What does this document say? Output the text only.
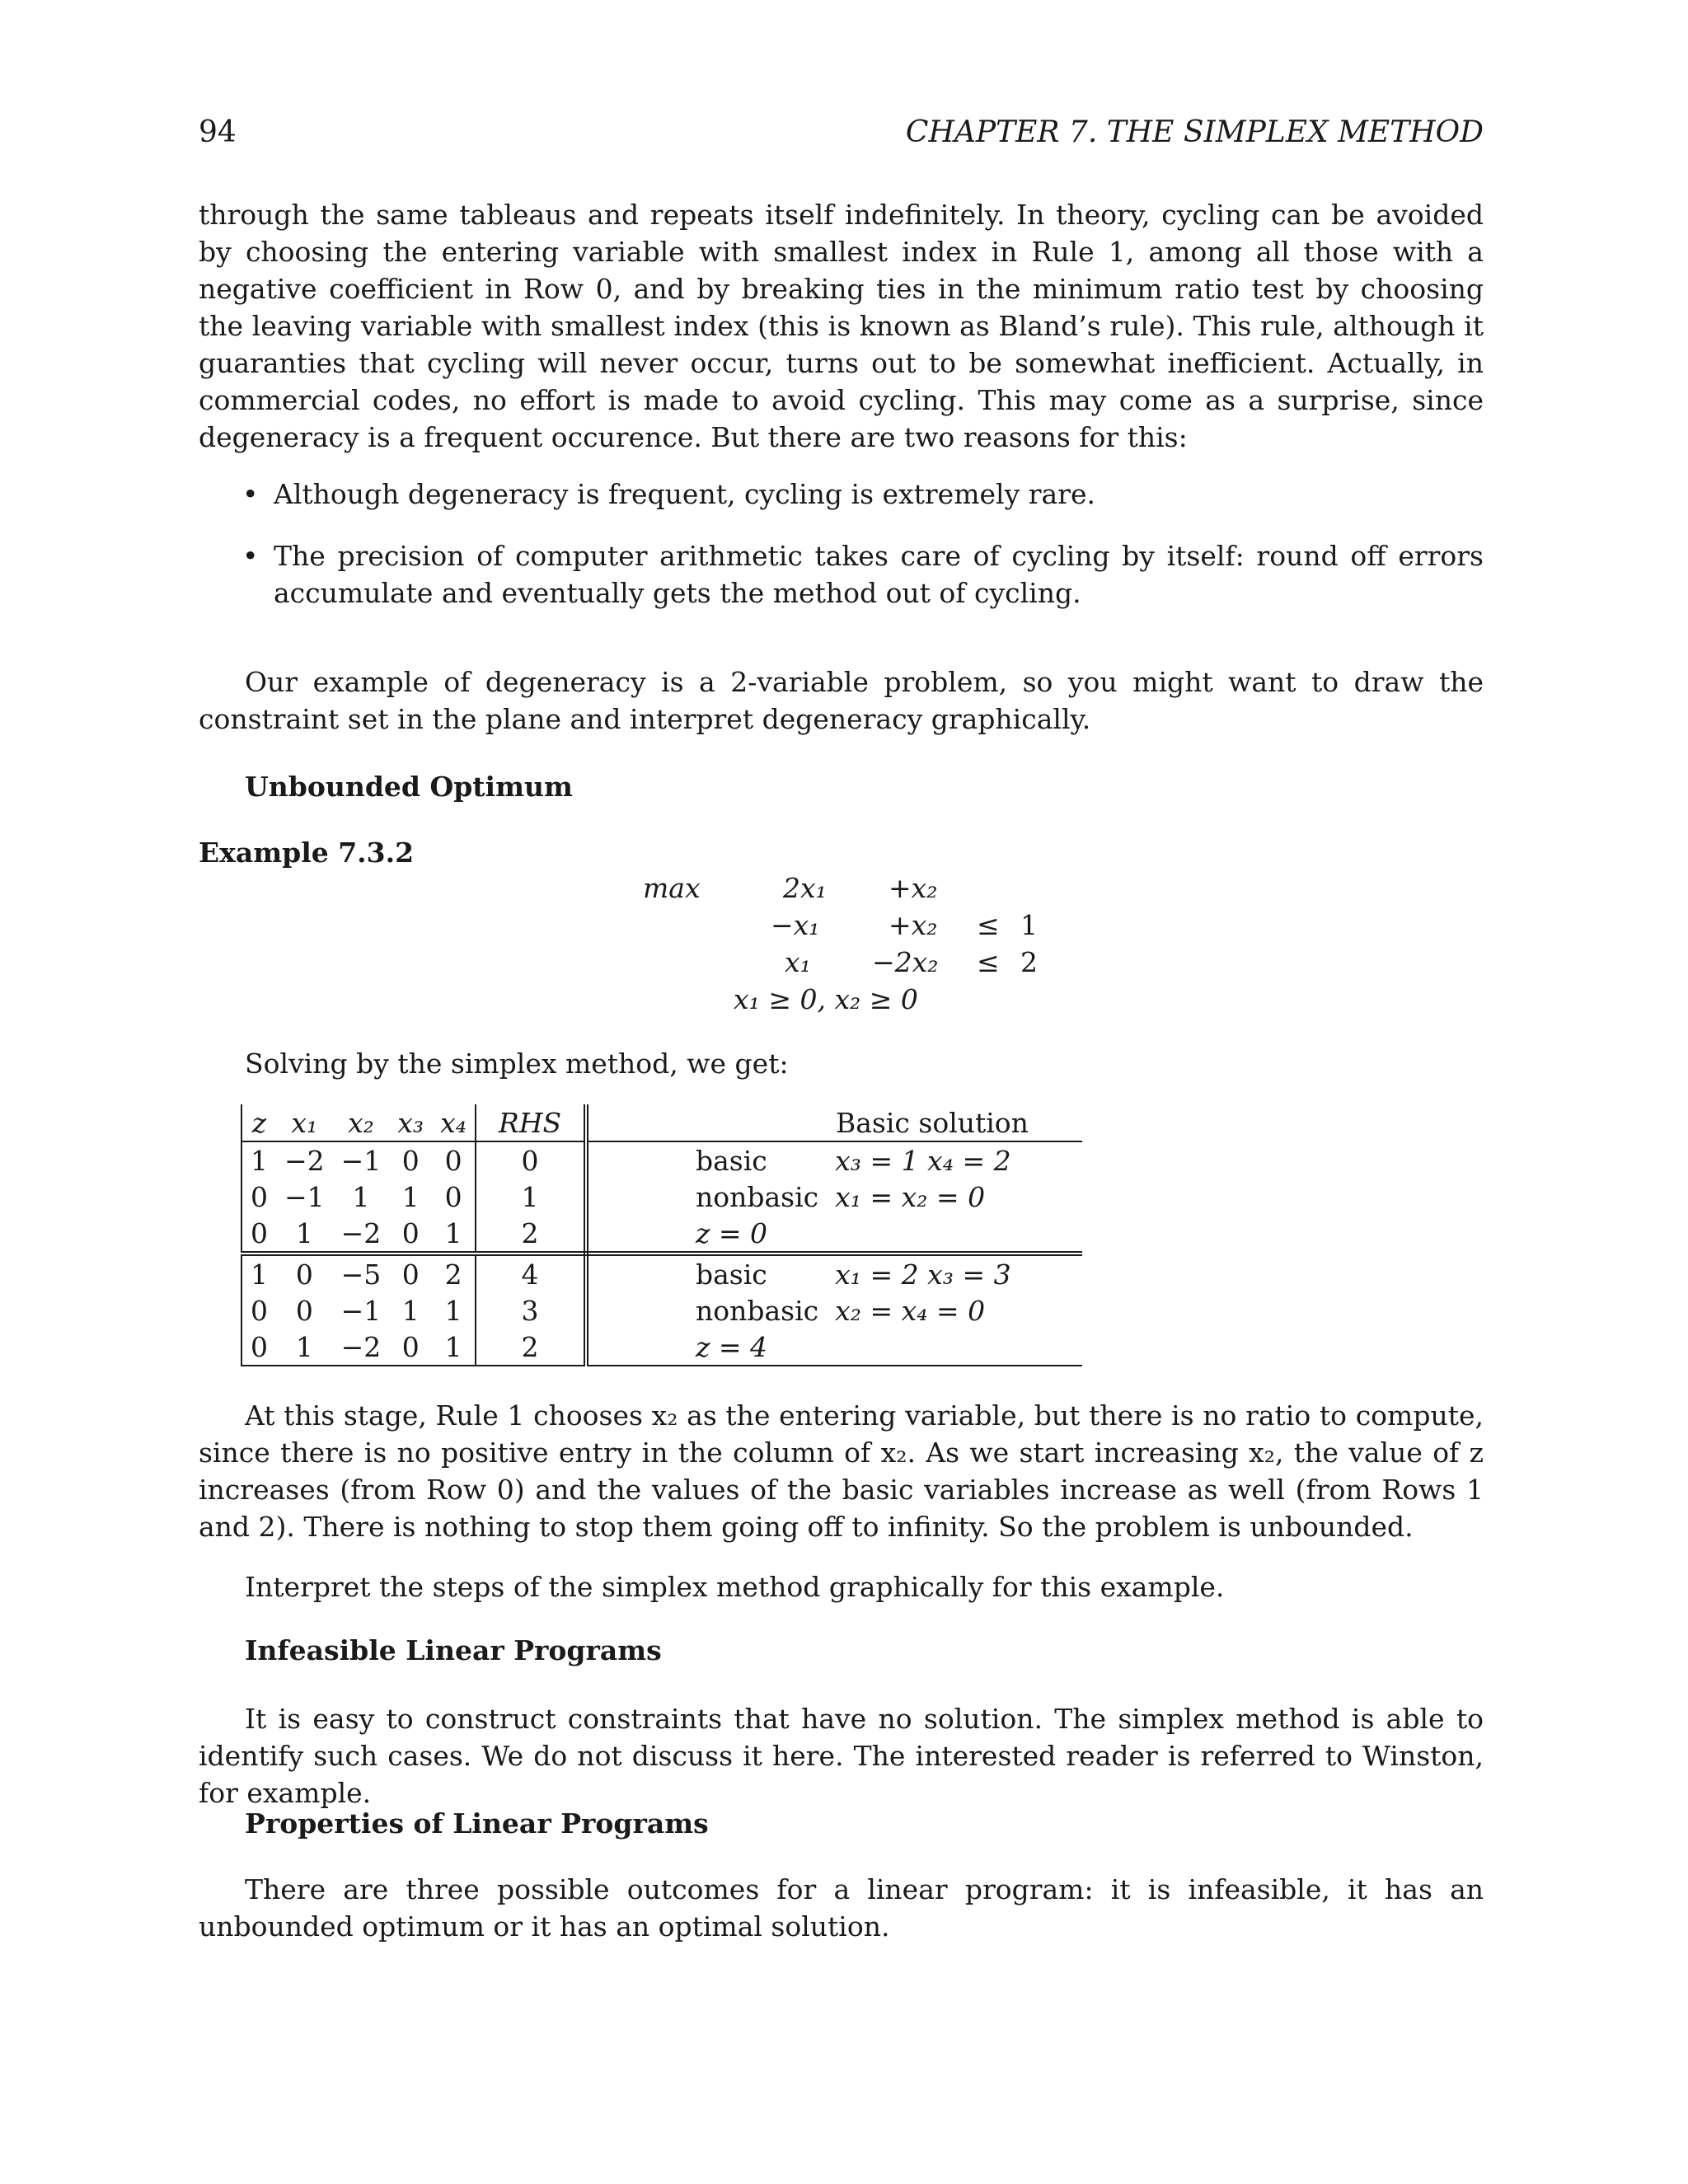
94	CHAPTER 7. THE SIMPLEX METHOD

through the same tableaus and repeats itself indefinitely. In theory, cycling can be avoided by choosing the entering variable with smallest index in Rule 1, among all those with a negative coefficient in Row 0, and by breaking ties in the minimum ratio test by choosing the leaving variable with smallest index (this is known as Bland’s rule). This rule, although it guaranties that cycling will never occur, turns out to be somewhat inefficient. Actually, in commercial codes, no effort is made to avoid cycling. This may come as a surprise, since degeneracy is a frequent occurence. But there are two reasons for this:

• Although degeneracy is frequent, cycling is extremely rare.
• The precision of computer arithmetic takes care of cycling by itself: round off errors accumulate and eventually gets the method out of cycling.

Our example of degeneracy is a 2-variable problem, so you might want to draw the constraint set in the plane and interpret degeneracy graphically.

Unbounded Optimum
Example 7.3.2
max	2x₁ +x₂
−x₁	+x₂ ≤ 1
x₁ −2x₂ ≤ 2
x₁ ≥ 0, x₂ ≥ 0

Solving by the simplex method, we get:

z	x₁	x₂	x₃	x₄	RHS	Basic solution	
1	−2	−1	0	0	0	basic	x₃ = 1 x₄ = 2
0	−1	1	1	0	1	nonbasic	x₁ = x₂ = 0
0	1	−2	0	1	2	z = 0	
1	0	−5	0	2	4	basic	x₁ = 2 x₃ = 3
0	0	−1	1	1	3	nonbasic	x₂ = x₄ = 0
0	1	−2	0	1	2	z = 4	

At this stage, Rule 1 chooses x₂ as the entering variable, but there is no ratio to compute, since there is no positive entry in the column of x₂. As we start increasing x₂, the value of z increases (from Row 0) and the values of the basic variables increase as well (from Rows 1 and 2). There is nothing to stop them going off to infinity. So the problem is unbounded.

Interpret the steps of the simplex method graphically for this example.

Infeasible Linear Programs

It is easy to construct constraints that have no solution. The simplex method is able to identify such cases. We do not discuss it here. The interested reader is referred to Winston, for example.

Properties of Linear Programs

There are three possible outcomes for a linear program: it is infeasible, it has an unbounded optimum or it has an optimal solution.
